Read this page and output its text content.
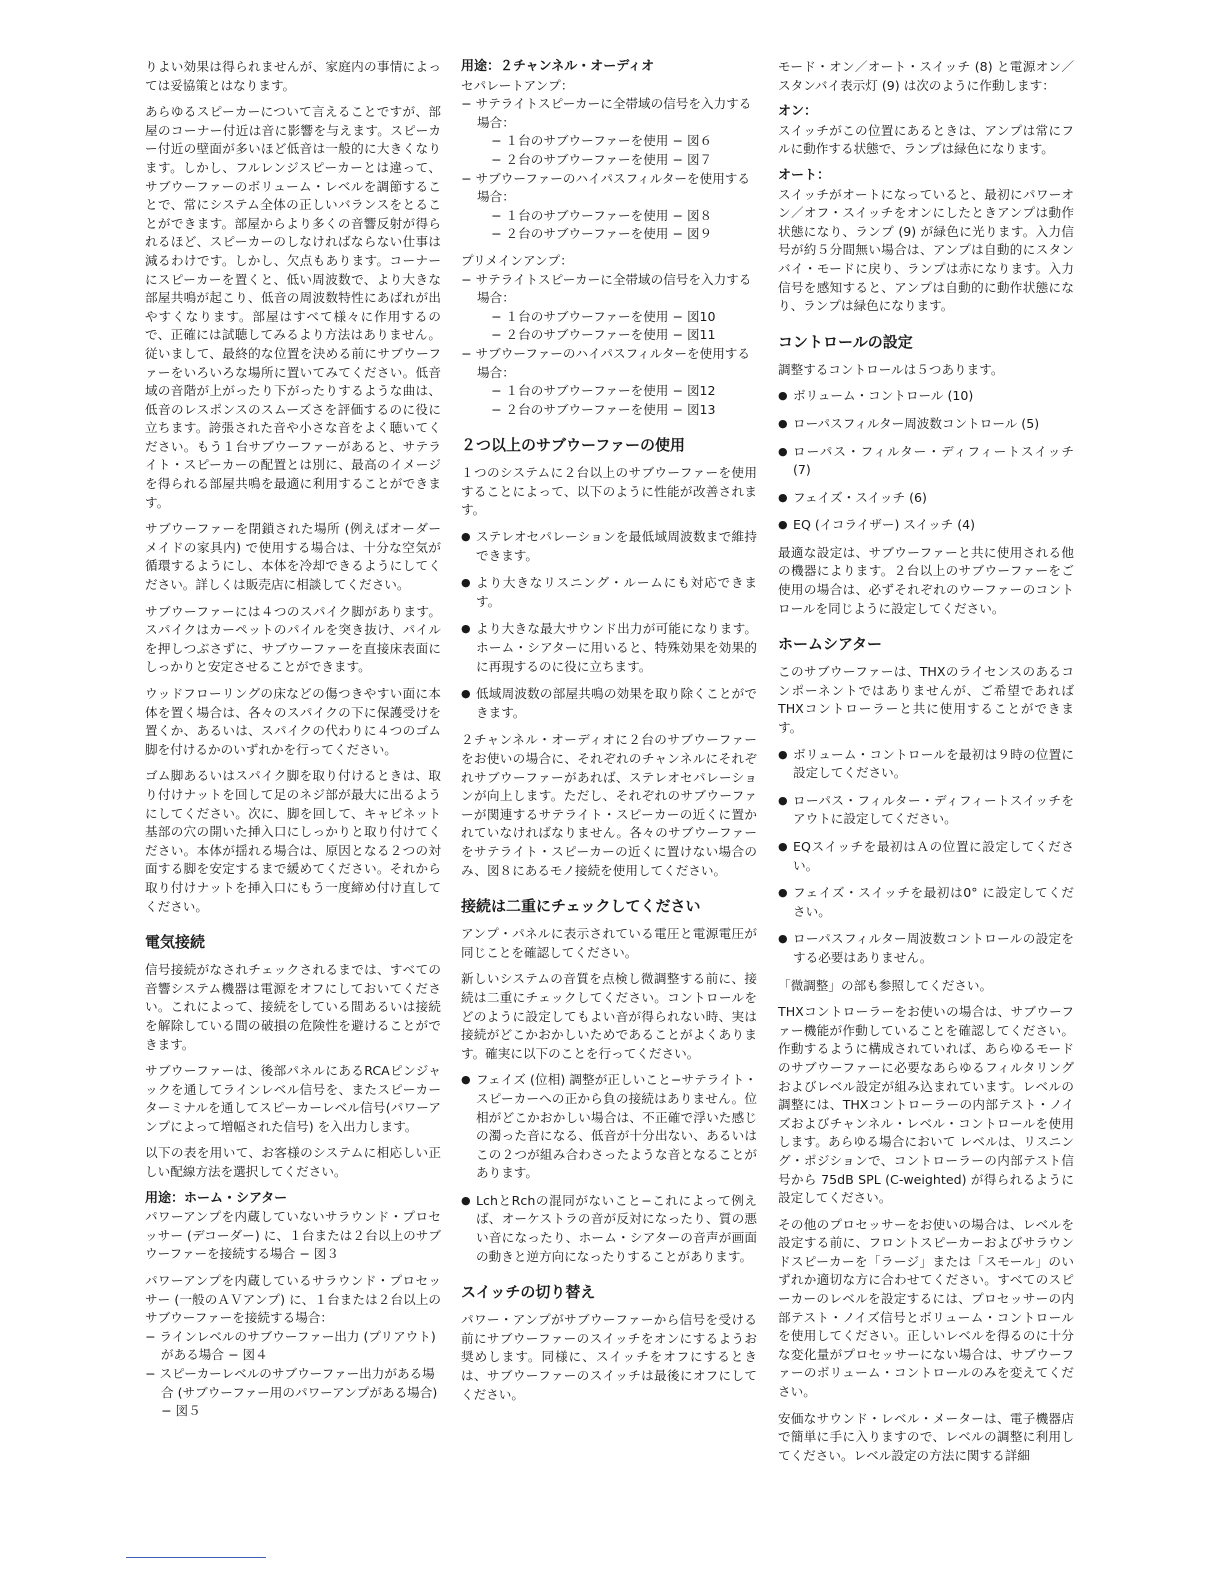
りよい効果は得られませんが、家庭内の事情によっては妥協策とはなります。

あらゆるスピーカーについて言えることですが、部屋のコーナー付近は音に影響を与えます。スピーカー付近の壁面が多いほど低音は一般的に大きくなります。しかし、フルレンジスピーカーとは違って、サブウーファーのボリューム・レベルを調節することで、常にシステム全体の正しいバランスをとることができます。部屋からより多くの音響反射が得られるほど、スピーカーのしなければならない仕事は減るわけです。しかし、欠点もあります。コーナーにスピーカーを置くと、低い周波数で、より大きな部屋共鳴が起こり、低音の周波数特性にあばれが出やすくなります。部屋はすべて様々に作用するので、正確には試聴してみるより方法はありません。従いまして、最終的な位置を決める前にサブウーファーをいろいろな場所に置いてみてください。低音域の音階が上がったり下がったりするような曲は、低音のレスポンスのスムーズさを評価するのに役に立ちます。誇張された音や小さな音をよく聴いてください。もう１台サブウーファーがあると、サテライト・スピーカーの配置とは別に、最高のイメージを得られる部屋共鳴を最適に利用することができます。

サブウーファーを閉鎖された場所 (例えばオーダーメイドの家具内) で使用する場合は、十分な空気が循環するようにし、本体を冷却できるようにしてください。詳しくは販売店に相談してください。

サブウーファーには４つのスパイク脚があります。スパイクはカーペットのパイルを突き抜け、パイルを押しつぶさずに、サブウーファーを直接床表面にしっかりと安定させることができます。

ウッドフローリングの床などの傷つきやすい面に本体を置く場合は、各々のスパイクの下に保護受けを置くか、あるいは、スパイクの代わりに４つのゴム脚を付けるかのいずれかを行ってください。

ゴム脚あるいはスパイク脚を取り付けるときは、取り付けナットを回して足のネジ部が最大に出るようにしてください。次に、脚を回して、キャビネット基部の穴の開いた挿入口にしっかりと取り付けてください。本体が揺れる場合は、原因となる２つの対面する脚を安定するまで緩めてください。それから取り付けナットを挿入口にもう一度締め付け直してください。

電気接続

信号接続がなされチェックされるまでは、すべての音響システム機器は電源をオフにしておいてください。これによって、接続をしている間あるいは接続を解除している間の破損の危険性を避けることができます。

サブウーファーは、後部パネルにあるRCAピンジャックを通してラインレベル信号を、またスピーカーターミナルを通してスピーカーレベル信号(パワーアンプによって増幅された信号) を入出力します。

以下の表を用いて、お客様のシステムに相応しい正しい配線方法を選択してください。

用途：ホーム・シアター

パワーアンプを内蔵していないサラウンド・プロセッサー (デコーダー) に、１台または２台以上のサブウーファーを接続する場合 − 図３

パワーアンプを内蔵しているサラウンド・プロセッサー (一般のＡＶアンプ) に、１台または２台以上のサブウーファーを接続する場合：

− ラインレベルのサブウーファー出力 (プリアウト) がある場合 − 図４
− スピーカーレベルのサブウーファー出力がある場合 (サブウーファー用のパワーアンプがある場合) − 図５
用途：２チャンネル・オーディオ
セパレートアンプ：
− サテライトスピーカーに全帯域の信号を入力する場合：
− １台のサブウーファーを使用 − 図６
− ２台のサブウーファーを使用 − 図７
− サブウーファーのハイパスフィルターを使用する場合：
− １台のサブウーファーを使用 − 図８
− ２台のサブウーファーを使用 − 図９
プリメインアンプ：
− サテライトスピーカーに全帯域の信号を入力する場合：
− １台のサブウーファーを使用 − 図10
− ２台のサブウーファーを使用 − 図11
− サブウーファーのハイパスフィルターを使用する場合：
− １台のサブウーファーを使用 − 図12
− ２台のサブウーファーを使用 − 図13
２つ以上のサブウーファーの使用

１つのシステムに２台以上のサブウーファーを使用することによって、以下のように性能が改善されます。

● ステレオセパレーションを最低域周波数まで維持できます。
● より大きなリスニング・ルームにも対応できます。
● より大きな最大サウンド出力が可能になります。ホーム・シアターに用いると、特殊効果を効果的に再現するのに役に立ちます。
● 低域周波数の部屋共鳴の効果を取り除くことができます。

２チャンネル・オーディオに２台のサブウーファーをお使いの場合に、それぞれのチャンネルにそれぞれサブウーファーがあれば、ステレオセパレーションが向上します。ただし、それぞれのサブウーファーが関連するサテライト・スピーカーの近くに置かれていなければなりません。各々のサブウーファーをサテライト・スピーカーの近くに置けない場合のみ、図８にあるモノ接続を使用してください。

接続は二重にチェックしてください

アンプ・パネルに表示されている電圧と電源電圧が同じことを確認してください。

新しいシステムの音質を点検し微調整する前に、接続は二重にチェックしてください。コントロールをどのように設定してもよい音が得られない時、実は接続がどこかおかしいためであることがよくあります。確実に以下のことを行ってください。

● フェイズ (位相) 調整が正しいこと−サテライト・スピーカーへの正から負の接続はありません。位相がどこかおかしい場合は、不正確で浮いた感じの濁った音になる、低音が十分出ない、あるいはこの２つが組み合わさったような音となることがあります。
● LchとRchの混同がないこと−これによって例えば、オーケストラの音が反対になったり、質の悪い音になったり、ホーム・シアターの音声が画面の動きと逆方向になったりすることがあります。
スイッチの切り替え

パワー・アンプがサブウーファーから信号を受ける前にサブウーファーのスイッチをオンにするようお奨めします。同様に、スイッチをオフにするときは、サブウーファーのスイッチは最後にオフにしてください。

モード・オン／オート・スイッチ (8) と電源オン／スタンバイ表示灯 (9) は次のように作動します：

オン：

スイッチがこの位置にあるときは、アンプは常にフルに動作する状態で、ランプは緑色になります。

オート：

スイッチがオートになっていると、最初にパワーオン／オフ・スイッチをオンにしたときアンプは動作状態になり、ランプ (9) が緑色に光ります。入力信号が約５分間無い場合は、アンプは自動的にスタンバイ・モードに戻り、ランプは赤になります。入力信号を感知すると、アンプは自動的に動作状態になり、ランプは緑色になります。

コントロールの設定

調整するコントロールは５つあります。

● ボリューム・コントロール (10)
● ローパスフィルター周波数コントロール (5)
● ローパス・フィルター・ディフィートスイッチ (7)
● フェイズ・スイッチ (6)
● EQ (イコライザー) スイッチ (4)

最適な設定は、サブウーファーと共に使用される他の機器によります。２台以上のサブウーファーをご使用の場合は、必ずそれぞれのウーファーのコントロールを同じように設定してください。

ホームシアター

このサブウーファーは、THXのライセンスのあるコンポーネントではありませんが、ご希望であればTHXコントローラーと共に使用することができます。

● ボリューム・コントロールを最初は９時の位置に設定してください。
● ローパス・フィルター・ディフィートスイッチをアウトに設定してください。
● EQスイッチを最初はＡの位置に設定してください。
● フェイズ・スイッチを最初は0° に設定してください。
● ローパスフィルター周波数コントロールの設定をする必要はありません。

「微調整」の部も参照してください。

THXコントローラーをお使いの場合は、サブウーファー機能が作動していることを確認してください。作動するように構成されていれば、あらゆるモードのサブウーファーに必要なあらゆるフィルタリングおよびレベル設定が組み込まれています。レベルの調整には、THXコントローラーの内部テスト・ノイズおよびチャンネル・レベル・コントロールを使用します。あらゆる場合において レベルは、リスニング・ポジションで、コントローラーの内部テスト信号から 75dB SPL (C-weighted) が得られるように設定してください。

その他のプロセッサーをお使いの場合は、レベルを設定する前に、フロントスピーカーおよびサラウンドスピーカーを「ラージ」または「スモール」のいずれか適切な方に合わせてください。すべてのスピーカーのレベルを設定するには、プロセッサーの内部テスト・ノイズ信号とボリューム・コントロールを使用してください。正しいレベルを得るのに十分な変化量がプロセッサーにない場合は、サブウーファーのボリューム・コントロールのみを変えてください。

安価なサウンド・レベル・メーターは、電子機器店で簡単に手に入りますので、レベルの調整に利用してください。レベル設定の方法に関する詳細
